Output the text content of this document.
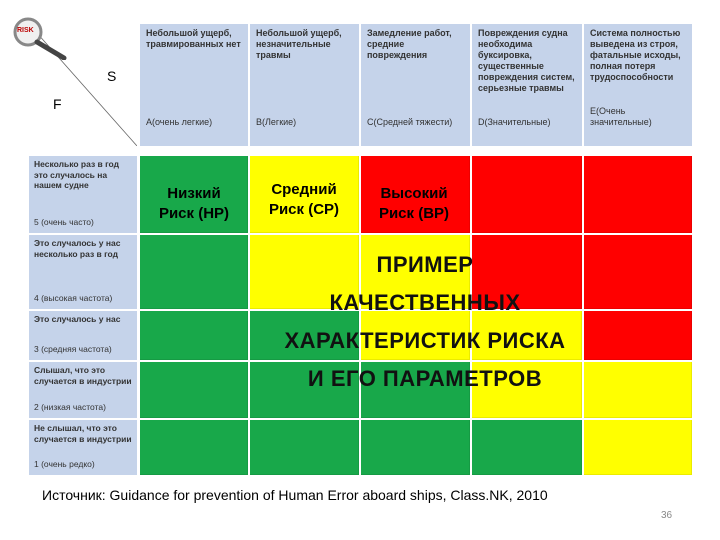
S
F
RISK	Небольшой ущерб, травмированных нет
A(очень легкие)
Небольшой ущерб, незначительные травмы
B(Легкие)
Замедление работ, средние повреждения
C(Средней тяжести)
Повреждения судна необходима буксировка, существенные повреждения систем, серьезные травмы
D(Значительные)
Система полностью выведена из строя, фатальные исходы, полная потеря трудоспособности
E(Очень значительные)
Несколько раз в год это случалось на нашем судне
5 (очень часто)
Это случалось у нас несколько раз в год
4 (высокая частота)
Это случалось у нас
3 (средняя частота)
Слышал, что это случается в индустрии
2 (низкая частота)
Не слышал, что это случается в индустрии
1 (очень редко)
Низкий
Риск (НР)
Средний
Риск (СР)
Высокий
Риск (ВР)
ПРИМЕР
КАЧЕСТВЕННЫХ
ХАРАКТЕРИСТИК РИСКА
И ЕГО ПАРАМЕТРОВ
Источник: Guidance for prevention of Human Error aboard ships, Class.NK, 2010
36
